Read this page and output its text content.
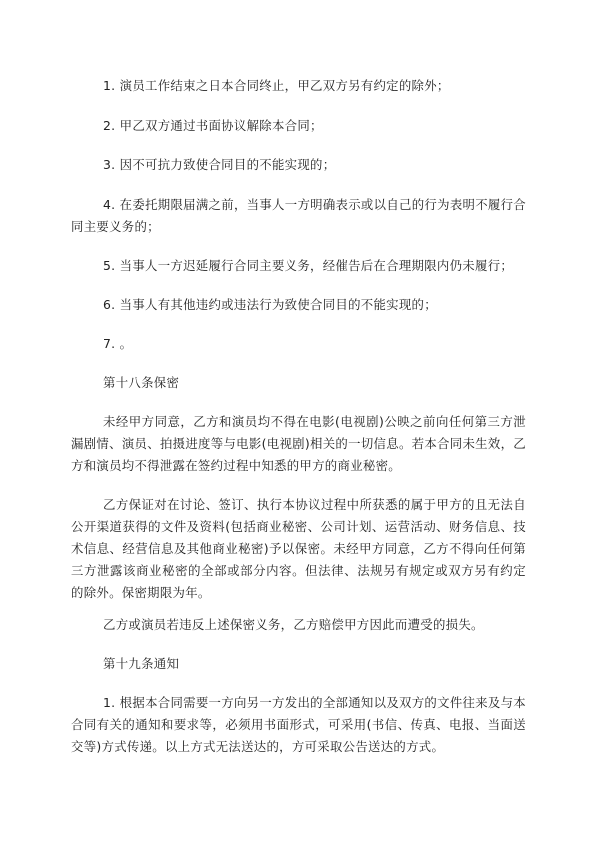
1. 演员工作结束之日本合同终止，甲乙双方另有约定的除外；

2. 甲乙双方通过书面协议解除本合同；

3. 因不可抗力致使合同目的不能实现的；

4. 在委托期限届满之前，当事人一方明确表示或以自己的行为表明不履行合同主要义务的；

5. 当事人一方迟延履行合同主要义务，经催告后在合理期限内仍未履行；

6. 当事人有其他违约或违法行为致使合同目的不能实现的；

7. 。

第十八条保密

未经甲方同意，乙方和演员均不得在电影(电视剧)公映之前向任何第三方泄漏剧情、演员、拍摄进度等与电影(电视剧)相关的一切信息。若本合同未生效，乙方和演员均不得泄露在签约过程中知悉的甲方的商业秘密。

乙方保证对在讨论、签订、执行本协议过程中所获悉的属于甲方的且无法自公开渠道获得的文件及资料(包括商业秘密、公司计划、运营活动、财务信息、技术信息、经营信息及其他商业秘密)予以保密。未经甲方同意，乙方不得向任何第三方泄露该商业秘密的全部或部分内容。但法律、法规另有规定或双方另有约定的除外。保密期限为年。

乙方或演员若违反上述保密义务，乙方赔偿甲方因此而遭受的损失。

第十九条通知

1. 根据本合同需要一方向另一方发出的全部通知以及双方的文件往来及与本合同有关的通知和要求等，必须用书面形式，可采用(书信、传真、电报、当面送交等)方式传递。以上方式无法送达的，方可采取公告送达的方式。
